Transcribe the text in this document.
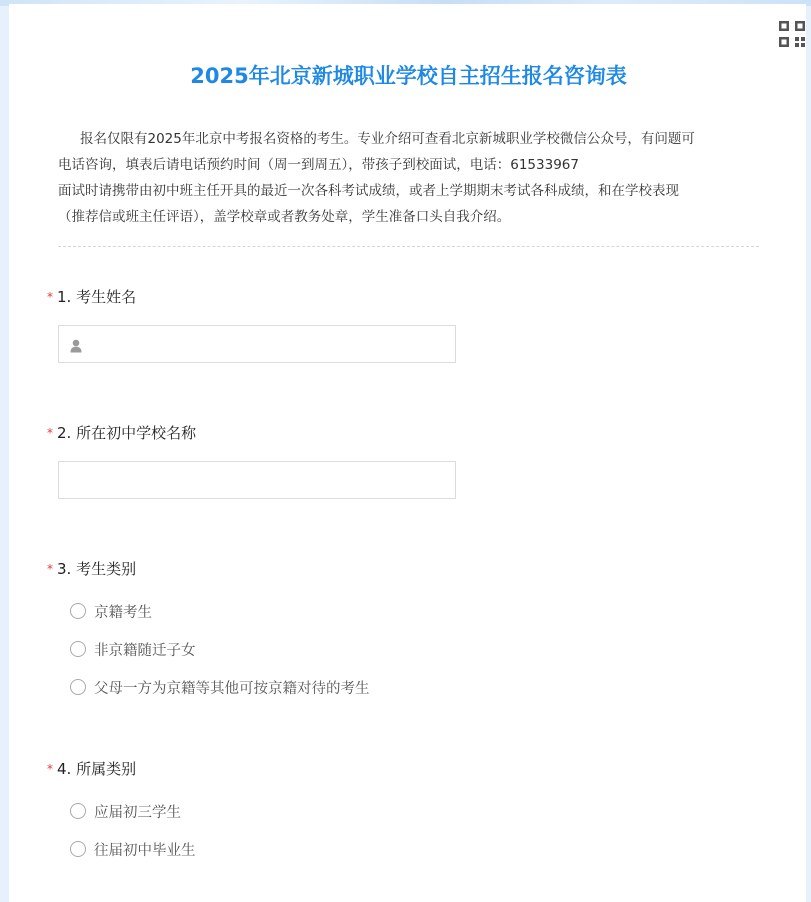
2025年北京新城职业学校自主招生报名咨询表

报名仅限有2025年北京中考报名资格的考生。专业介绍可查看北京新城职业学校微信公众号，有问题可

电话咨询，填表后请电话预约时间（周一到周五），带孩子到校面试，电话：61533967

面试时请携带由初中班主任开具的最近一次各科考试成绩，或者上学期期末考试各科成绩，和在学校表现

（推荐信或班主任评语），盖学校章或者教务处章，学生准备口头自我介绍。

* 1. 考生姓名
* 2. 所在初中学校名称
* 3. 考生类别
京籍考生
非京籍随迁子女
父母一方为京籍等其他可按京籍对待的考生
* 4. 所属类别
应届初三学生
往届初中毕业生
